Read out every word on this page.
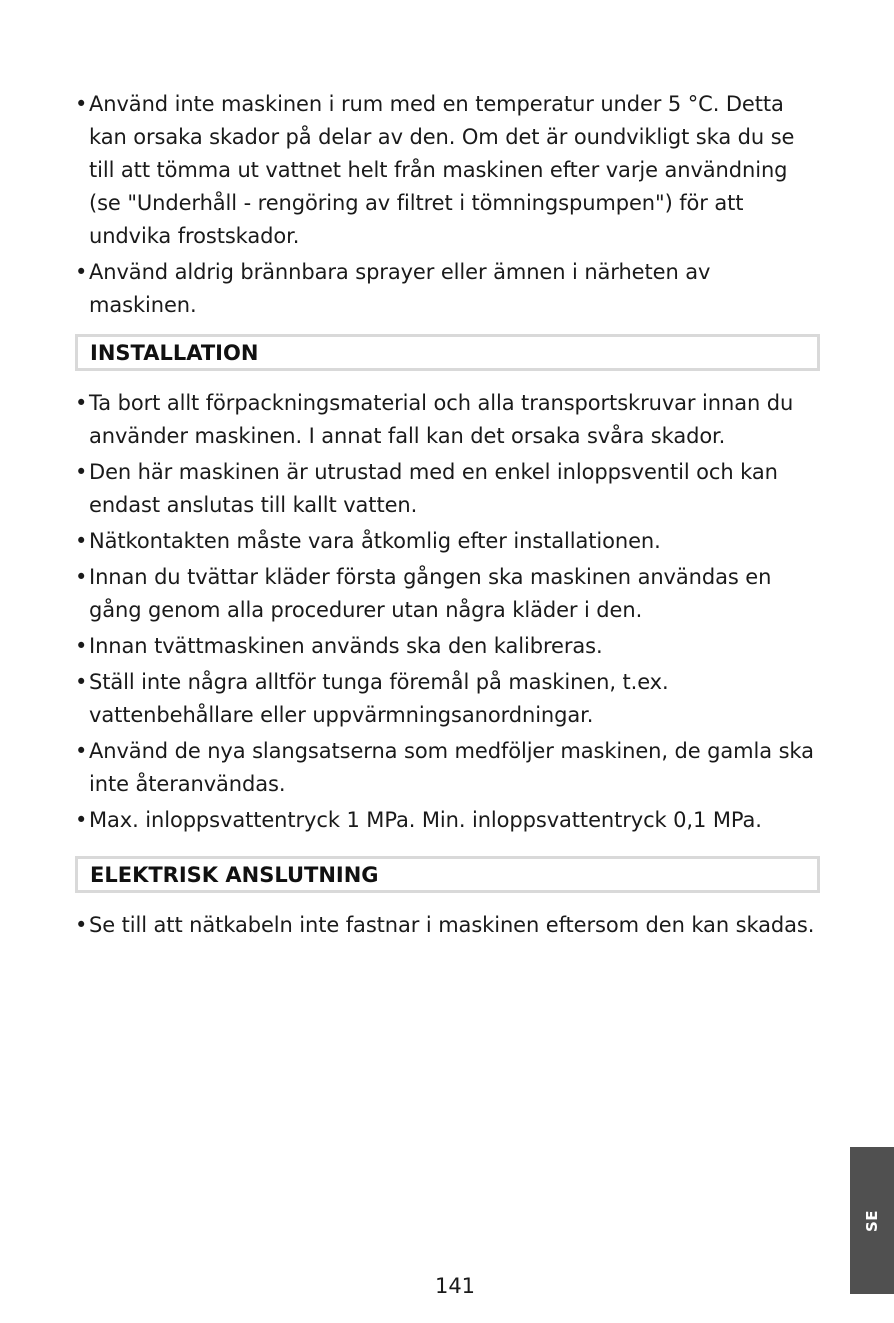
• Använd inte maskinen i rum med en temperatur under 5 °C. Detta kan orsaka skador på delar av den. Om det är oundvikligt ska du se till att tömma ut vattnet helt från maskinen efter varje användning (se "Underhåll - rengöring av filtret i tömningspumpen") för att undvika frostskador.
• Använd aldrig brännbara sprayer eller ämnen i närheten av maskinen.
INSTALLATION
• Ta bort allt förpackningsmaterial och alla transportskruvar innan du använder maskinen. I annat fall kan det orsaka svåra skador.
• Den här maskinen är utrustad med en enkel inloppsventil och kan endast anslutas till kallt vatten.
• Nätkontakten måste vara åtkomlig efter installationen.
• Innan du tvättar kläder första gången ska maskinen användas en gång genom alla procedurer utan några kläder i den.
• Innan tvättmaskinen används ska den kalibreras.
• Ställ inte några alltför tunga föremål på maskinen, t.ex. vattenbehållare eller uppvärmningsanordningar.
• Använd de nya slangsatserna som medföljer maskinen, de gamla ska inte återanvändas.
• Max. inloppsvattentryck 1 MPa. Min. inloppsvattentryck 0,1 MPa.
ELEKTRISK ANSLUTNING
• Se till att nätkabeln inte fastnar i maskinen eftersom den kan skadas.
141
SE
